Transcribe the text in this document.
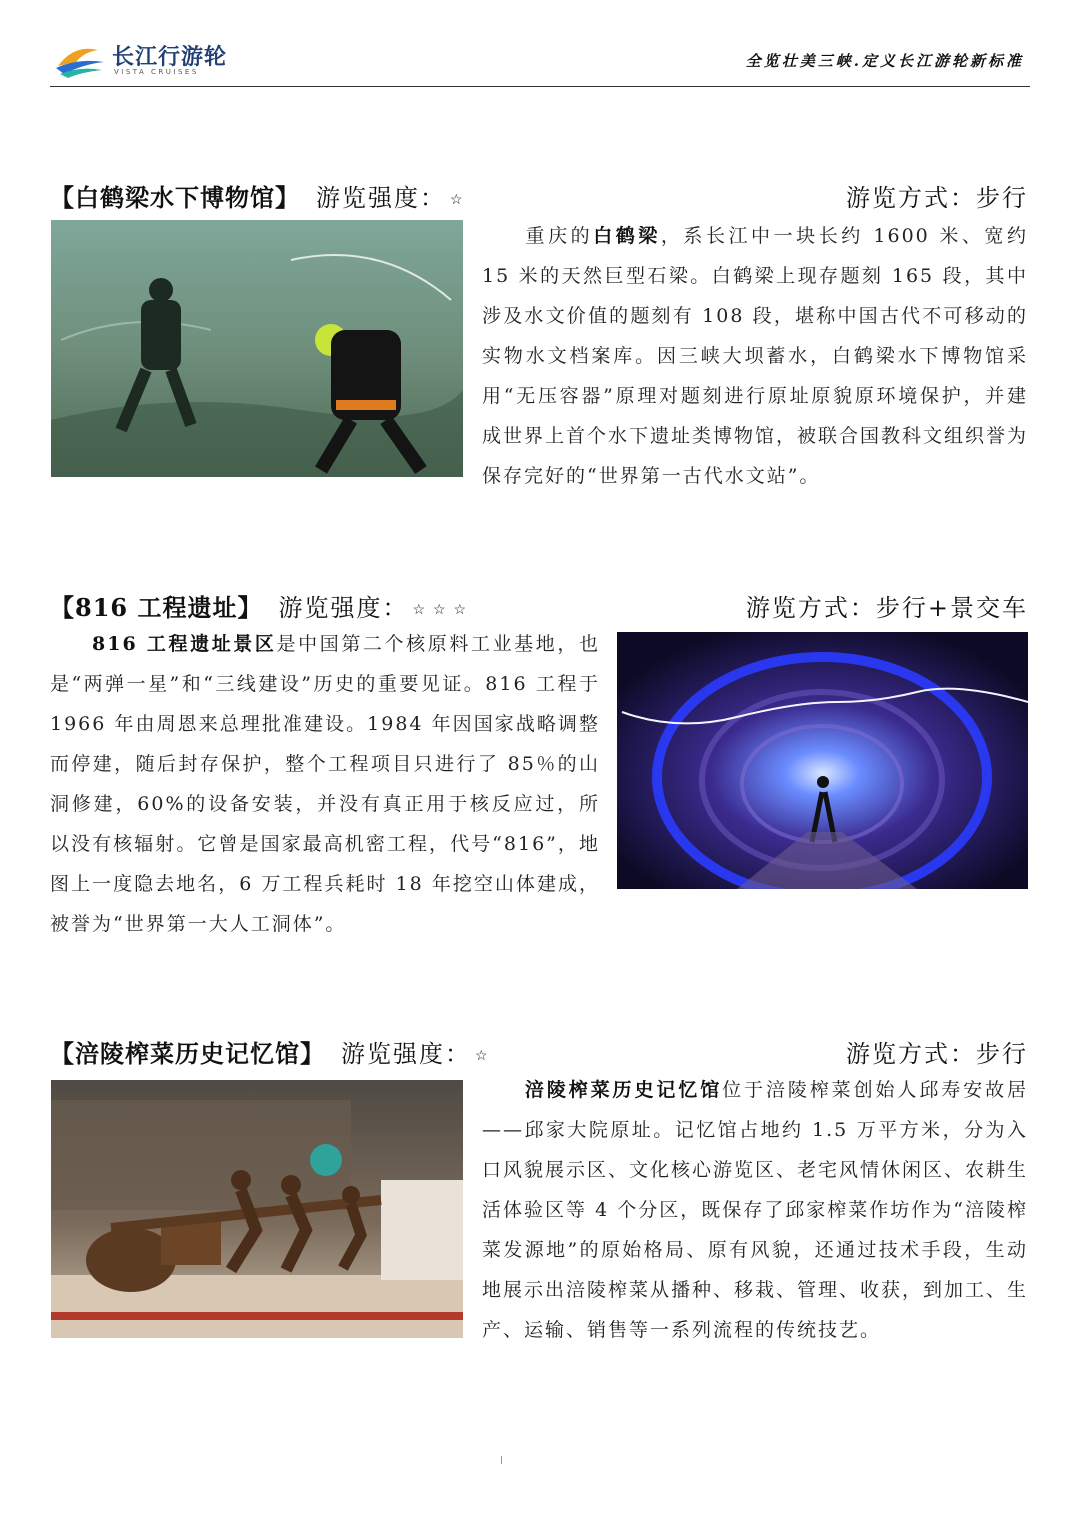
长江行游轮
VISTA CRUISES
全览壮美三峡.定义长江游轮新标准
【白鹤梁水下博物馆】 游览强度： ☆	游览方式：步行
重庆的白鹤梁，系长江中一块长约 1600 米、宽约 15 米的天然巨型石梁。白鹤梁上现存题刻 165 段，其中涉及水文价值的题刻有 108 段，堪称中国古代不可移动的实物水文档案库。因三峡大坝蓄水，白鹤梁水下博物馆采用“无压容器”原理对题刻进行原址原貌原环境保护，并建成世界上首个水下遗址类博物馆，被联合国教科文组织誉为保存完好的“世界第一古代水文站”。
【816 工程遗址】 游览强度： ☆☆☆	游览方式：步行+景交车
816 工程遗址景区是中国第二个核原料工业基地，也是“两弹一星”和“三线建设”历史的重要见证。816 工程于 1966 年由周恩来总理批准建设。1984 年因国家战略调整而停建，随后封存保护，整个工程项目只进行了 85％的山洞修建，60%的设备安装，并没有真正用于核反应过，所以没有核辐射。它曾是国家最高机密工程，代号“816”，地图上一度隐去地名，6 万工程兵耗时 18 年挖空山体建成，被誉为“世界第一大人工洞体”。
【涪陵榨菜历史记忆馆】 游览强度： ☆	游览方式：步行
涪陵榨菜历史记忆馆位于涪陵榨菜创始人邱寿安故居——邱家大院原址。记忆馆占地约 1.5 万平方米，分为入口风貌展示区、文化核心游览区、老宅风情休闲区、农耕生活体验区等 4 个分区，既保存了邱家榨菜作坊作为“涪陵榨菜发源地”的原始格局、原有风貌，还通过技术手段，生动地展示出涪陵榨菜从播种、移栽、管理、收获，到加工、生产、运输、销售等一系列流程的传统技艺。
